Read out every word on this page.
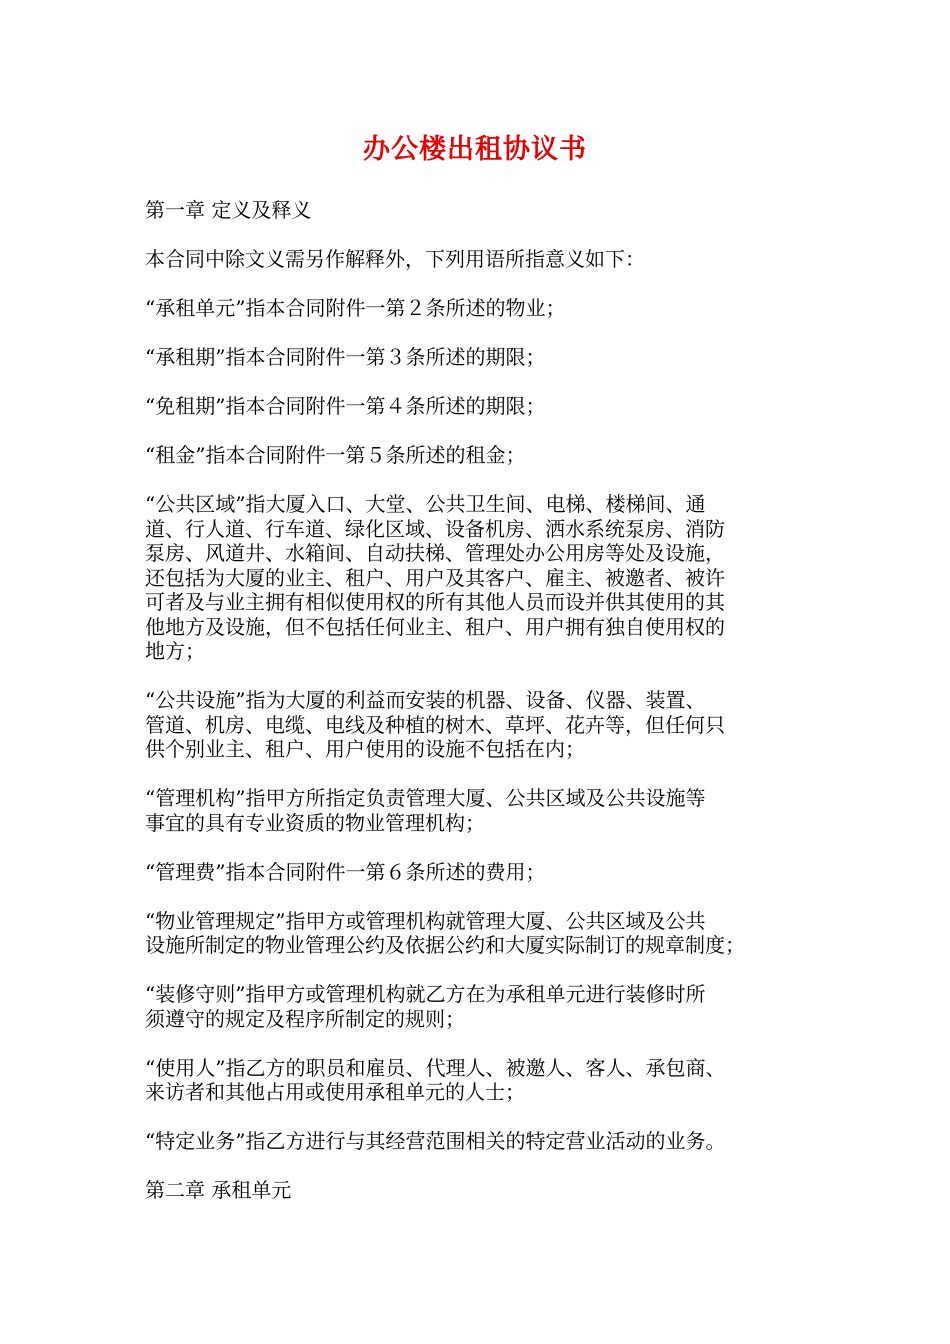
办公楼出租协议书
第一章 定义及释义
本合同中除文义需另作解释外，下列用语所指意义如下：
“承租单元”指本合同附件一第２条所述的物业；
“承租期”指本合同附件一第３条所述的期限；
“免租期”指本合同附件一第４条所述的期限；
“租金”指本合同附件一第５条所述的租金；
“公共区域”指大厦入口、大堂、公共卫生间、电梯、楼梯间、通
道、行人道、行车道、绿化区域、设备机房、洒水系统泵房、消防
泵房、风道井、水箱间、自动扶梯、管理处办公用房等处及设施，
还包括为大厦的业主、租户、用户及其客户、雇主、被邀者、被许
可者及与业主拥有相似使用权的所有其他人员而设并供其使用的其
他地方及设施，但不包括任何业主、租户、用户拥有独自使用权的
地方；
“公共设施”指为大厦的利益而安装的机器、设备、仪器、装置、
管道、机房、电缆、电线及种植的树木、草坪、花卉等，但任何只
供个别业主、租户、用户使用的设施不包括在内；
“管理机构”指甲方所指定负责管理大厦、公共区域及公共设施等
事宜的具有专业资质的物业管理机构；
“管理费”指本合同附件一第６条所述的费用；
“物业管理规定”指甲方或管理机构就管理大厦、公共区域及公共
设施所制定的物业管理公约及依据公约和大厦实际制订的规章制度；
“装修守则”指甲方或管理机构就乙方在为承租单元进行装修时所
须遵守的规定及程序所制定的规则；
“使用人”指乙方的职员和雇员、代理人、被邀人、客人、承包商、
来访者和其他占用或使用承租单元的人士；
“特定业务”指乙方进行与其经营范围相关的特定营业活动的业务。
第二章 承租单元
